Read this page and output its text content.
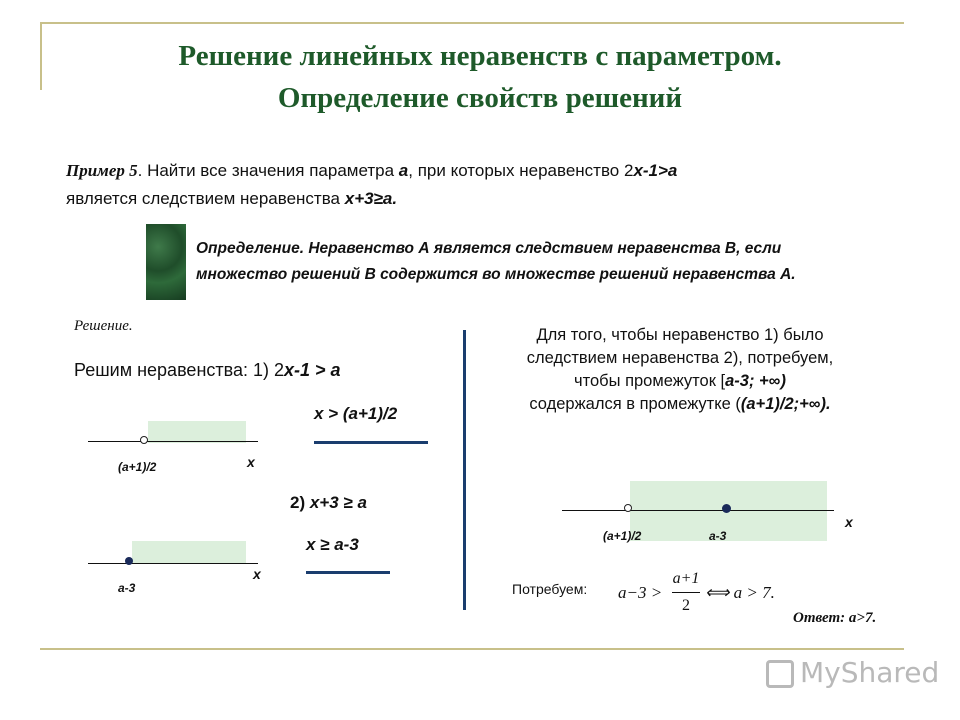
Решение линейных неравенств с параметром.
Определение свойств решений
Пример 5. Найти все значения параметра a, при которых неравенство 2x-1>a
является следствием неравенства x+3≥a.
Определение. Неравенство А является следствием неравенства В, если
множество решений В содержится во множестве решений неравенства А.
Решение.
Решим неравенства: 1) 2x-1 > a
x > (a+1)/2
(a+1)/2	x
2) x+3 ≥ a
x ≥ a-3
a-3
x
Для того, чтобы неравенство 1) было
следствием неравенства 2), потребуем,
чтобы промежуток [a-3; +∞)
содержался в промежутке ((a+1)/2;+∞).
(a+1)/2	a-3
x
Потребуем: a−3 >
a+1
2
⟺ a > 7.
Ответ: a>7.
MyShared
